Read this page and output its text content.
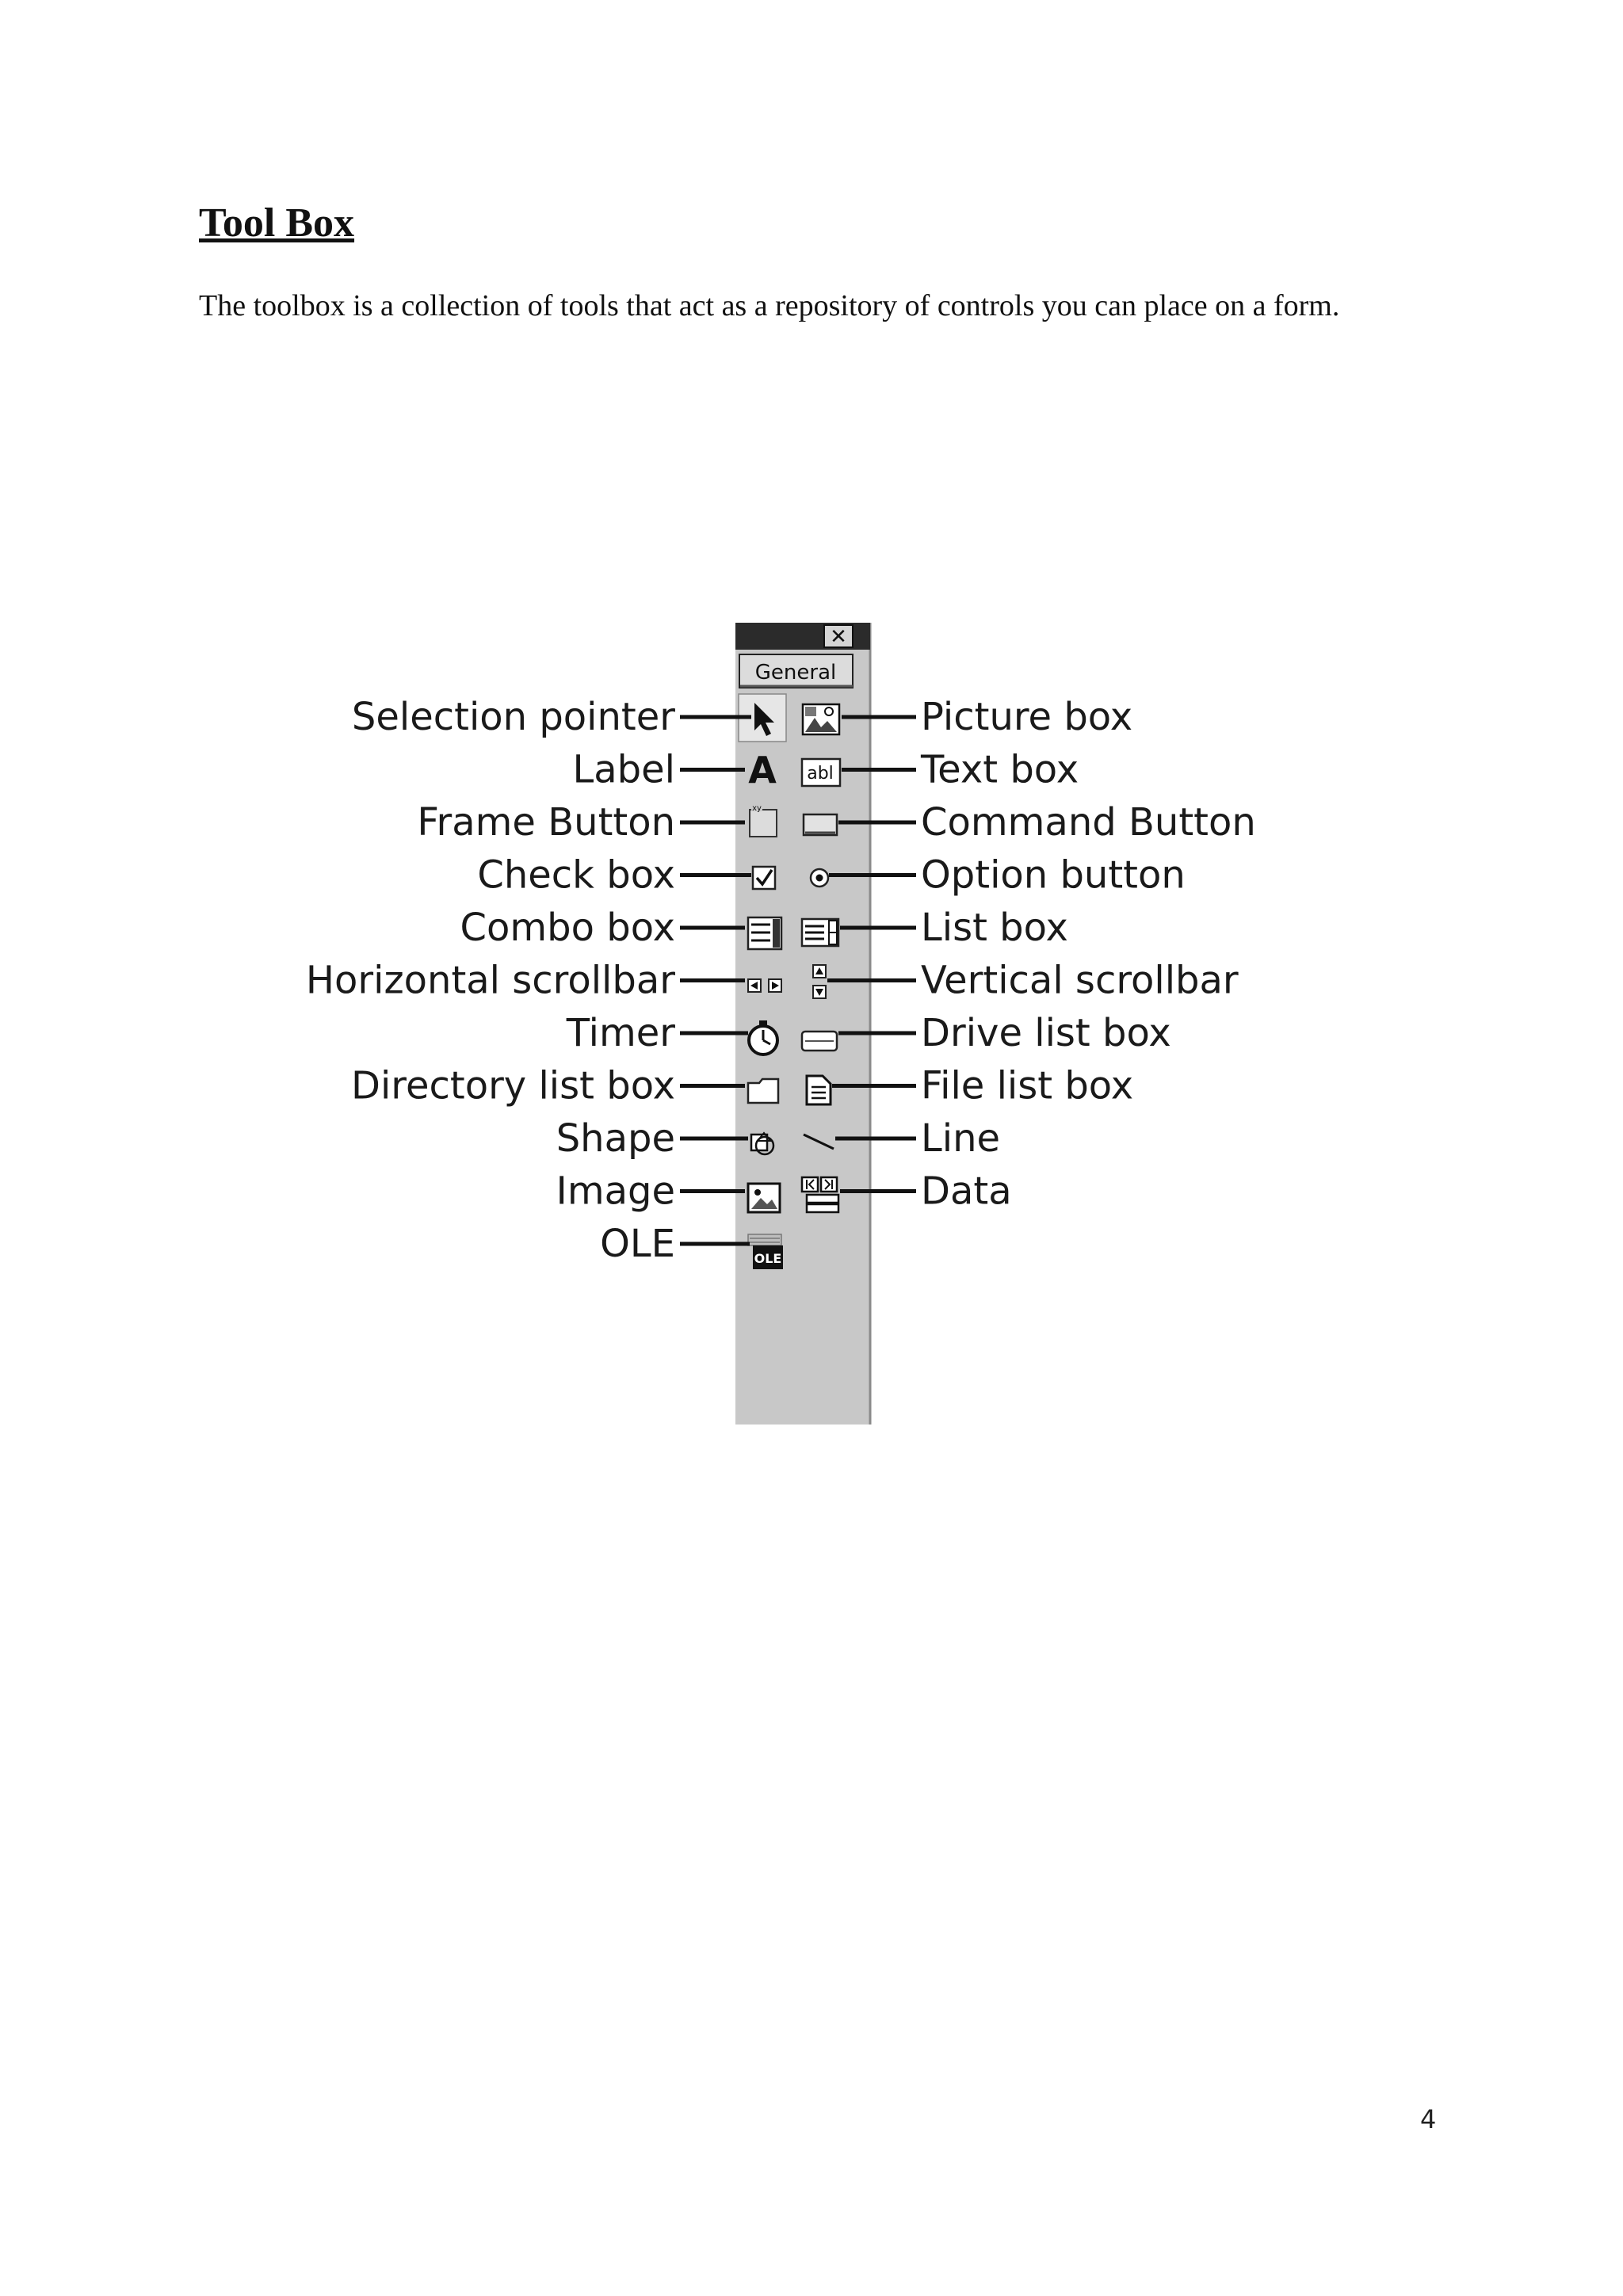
Tool Box

The toolbox is a collection of tools that act as a repository of controls you can place on a form.

✕
General
A
xy
OLE
abl
Selection pointer
Label
Frame Button
Check box
Combo box
Horizontal scrollbar
Timer
Directory list box
Shape
Image
OLE
Picture box
Text box
Command Button
Option button
List box
Vertical scrollbar
Drive list box
File list box
Line
Data
4
